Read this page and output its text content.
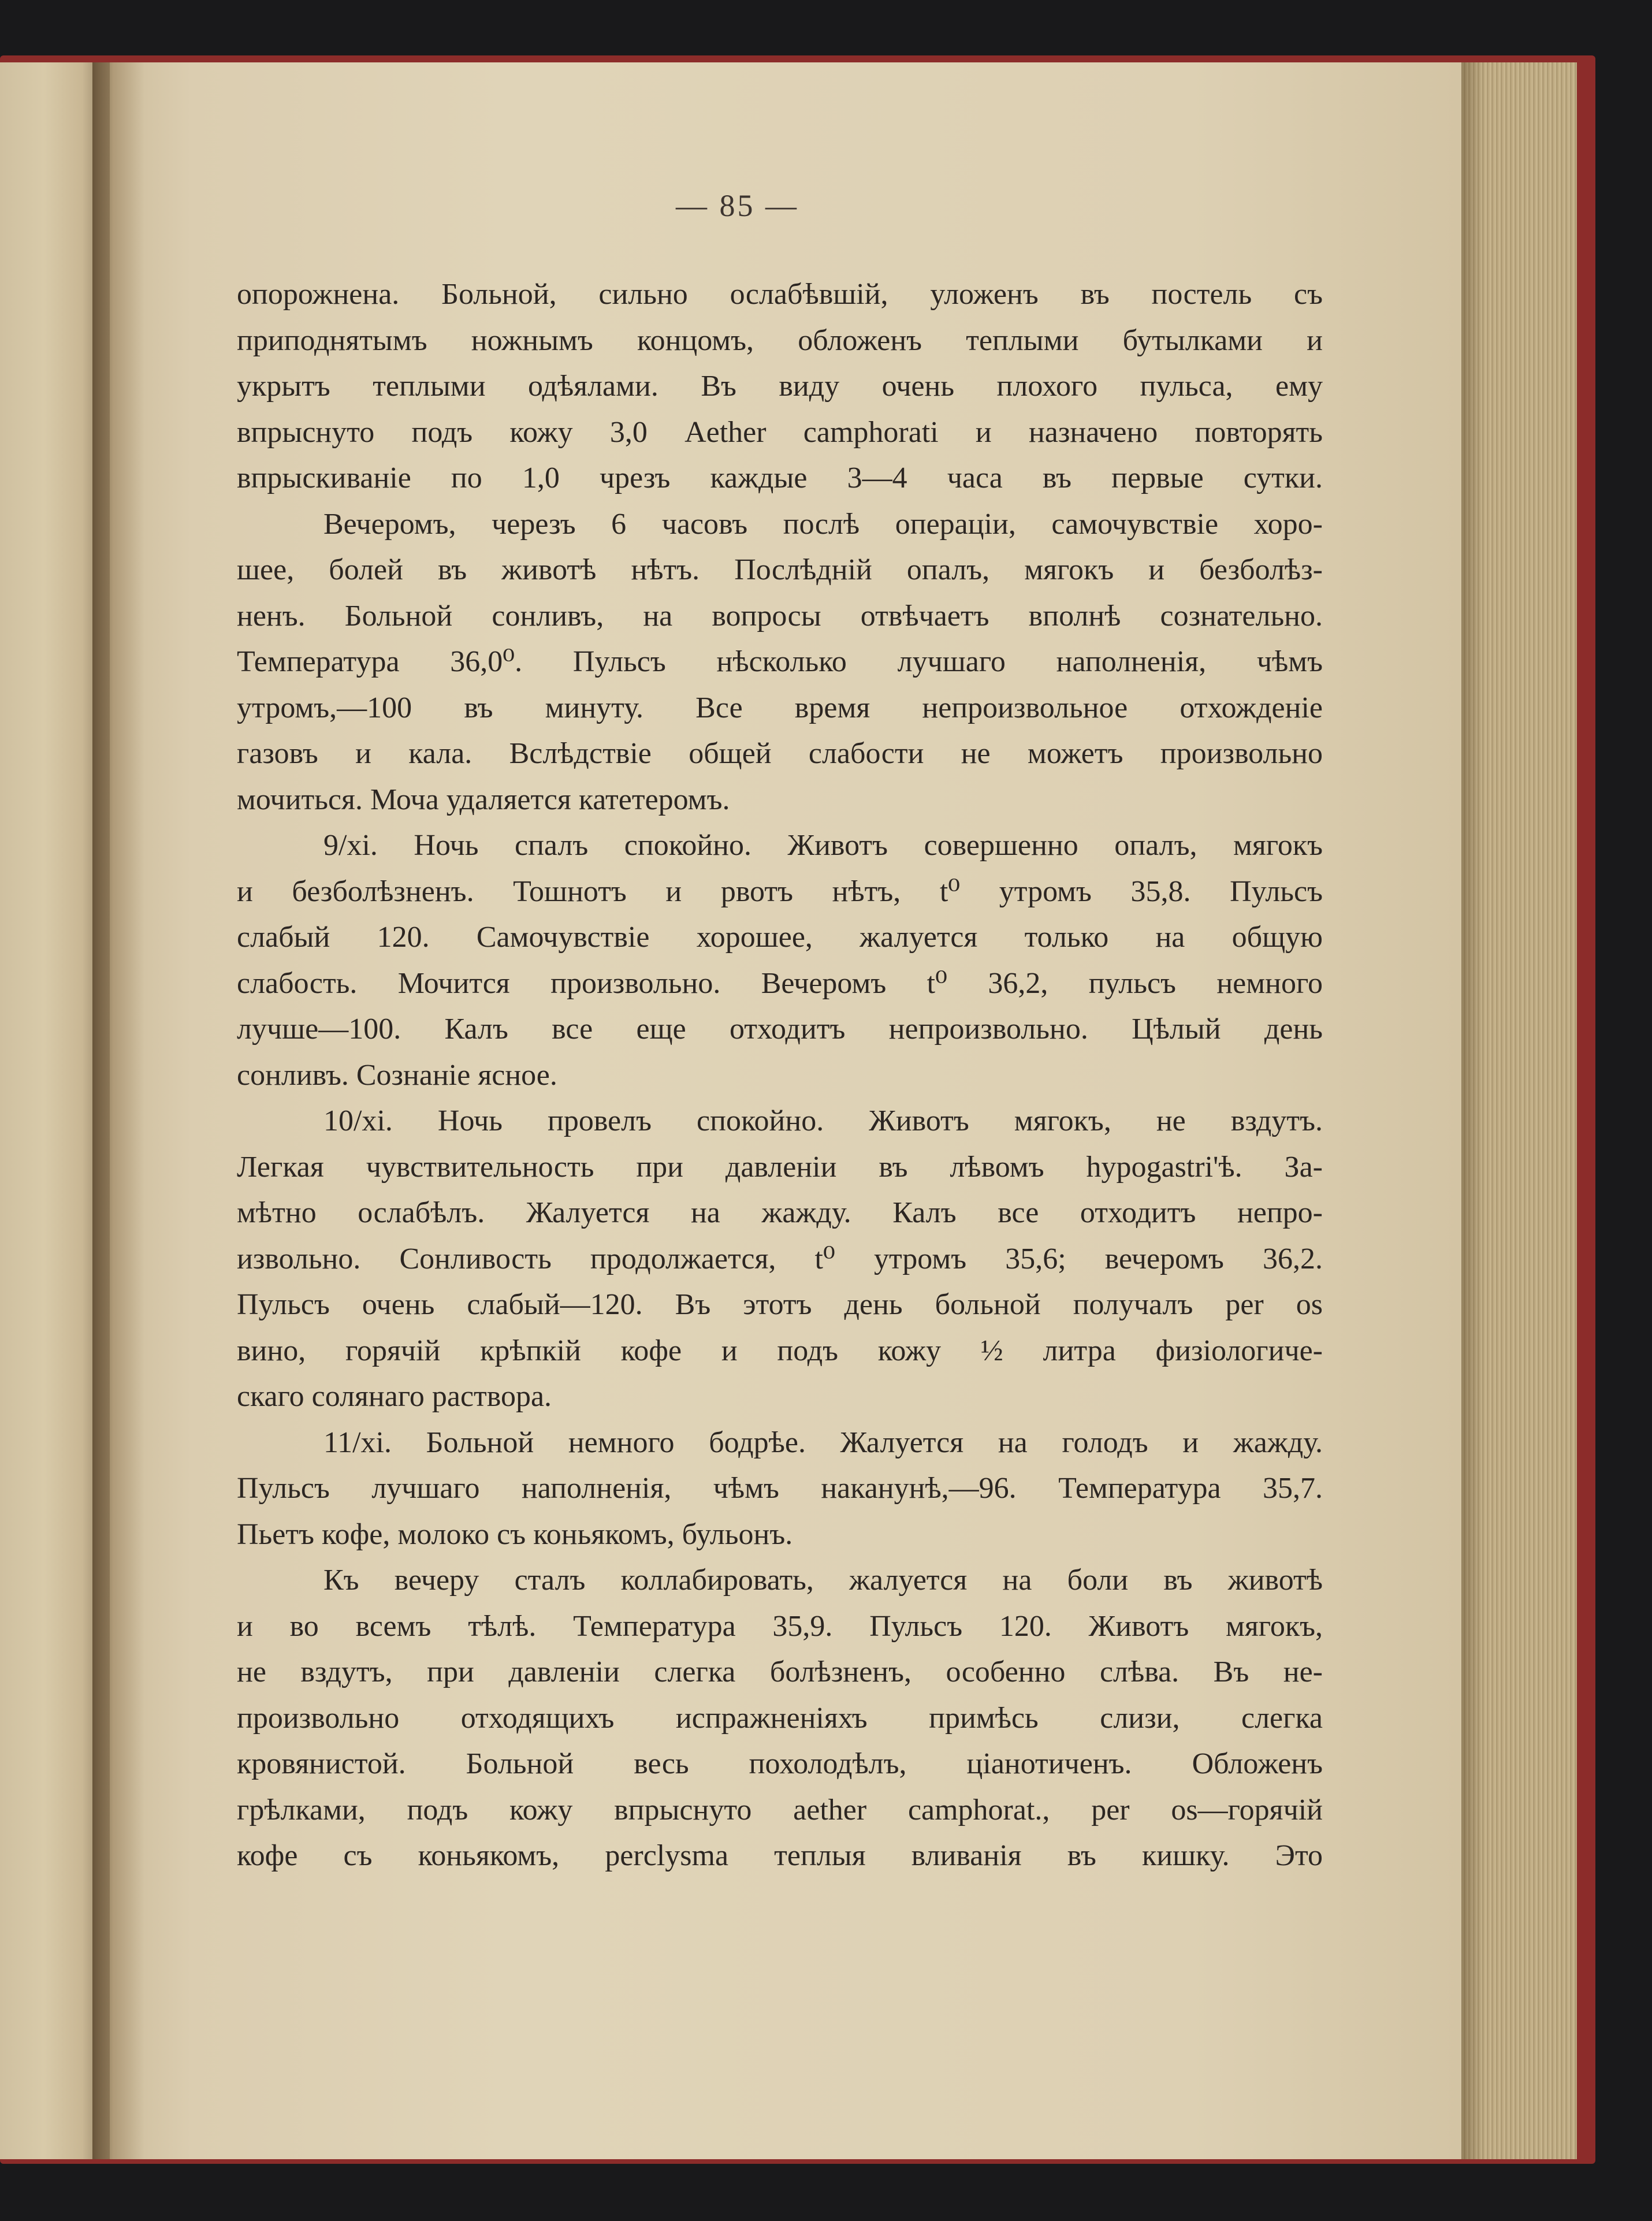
— 85 —

опорожнена. Больной, сильно ослабѣвшій, уложенъ въ постель съ
приподнятымъ ножнымъ концомъ, обложенъ теплыми бутылками и
укрытъ теплыми одѣялами. Въ виду очень плохого пульса, ему
впрыснуто подъ кожу 3,0 Aether camphorati и назначено повторять
впрыскиваніе по 1,0 чрезъ каждые 3—4 часа въ первые сутки.

Вечеромъ, черезъ 6 часовъ послѣ операціи, самочувствіе хоро-
шее, болей въ животѣ нѣтъ. Послѣдній опалъ, мягокъ и безболѣз-
ненъ. Больной сонливъ, на вопросы отвѣчаетъ вполнѣ сознательно.
Температура 36,0⁰. Пульсъ нѣсколько лучшаго наполненія, чѣмъ
утромъ,—100 въ минуту. Все время непроизвольное отхожденіе
газовъ и кала. Вслѣдствіе общей слабости не можетъ произвольно
мочиться. Моча удаляется катетеромъ.

9/xi. Ночь спалъ спокойно. Животъ совершенно опалъ, мягокъ
и безболѣзненъ. Тошнотъ и рвотъ нѣтъ, t⁰ утромъ 35,8. Пульсъ
слабый 120. Самочувствіе хорошее, жалуется только на общую
слабость. Мочится произвольно. Вечеромъ t⁰ 36,2, пульсъ немного
лучше—100. Калъ все еще отходитъ непроизвольно. Цѣлый день
сонливъ. Сознаніе ясное.

10/xi. Ночь провелъ спокойно. Животъ мягокъ, не вздутъ.
Легкая чувствительность при давленіи въ лѣвомъ hypogastri'ѣ. За-
мѣтно ослабѣлъ. Жалуется на жажду. Калъ все отходитъ непро-
извольно. Сонливость продолжается, t⁰ утромъ 35,6; вечеромъ 36,2.
Пульсъ очень слабый—120. Въ этотъ день больной получалъ per os
вино, горячій крѣпкій кофе и подъ кожу ½ литра физіологиче-
скаго солянаго раствора.

11/xi. Больной немного бодрѣе. Жалуется на голодъ и жажду.
Пульсъ лучшаго наполненія, чѣмъ наканунѣ,—96. Температура 35,7.
Пьетъ кофе, молоко съ коньякомъ, бульонъ.

Къ вечеру сталъ коллабировать, жалуется на боли въ животѣ
и во всемъ тѣлѣ. Температура 35,9. Пульсъ 120. Животъ мягокъ,
не вздутъ, при давленіи слегка болѣзненъ, особенно слѣва. Въ не-
произвольно отходящихъ испражненіяхъ примѣсь слизи, слегка
кровянистой. Больной весь похолодѣлъ, ціанотиченъ. Обложенъ
грѣлками, подъ кожу впрыснуто aether camphorat., per os—горячій
кофе съ коньякомъ, perclysma теплыя вливанія въ кишку. Это
